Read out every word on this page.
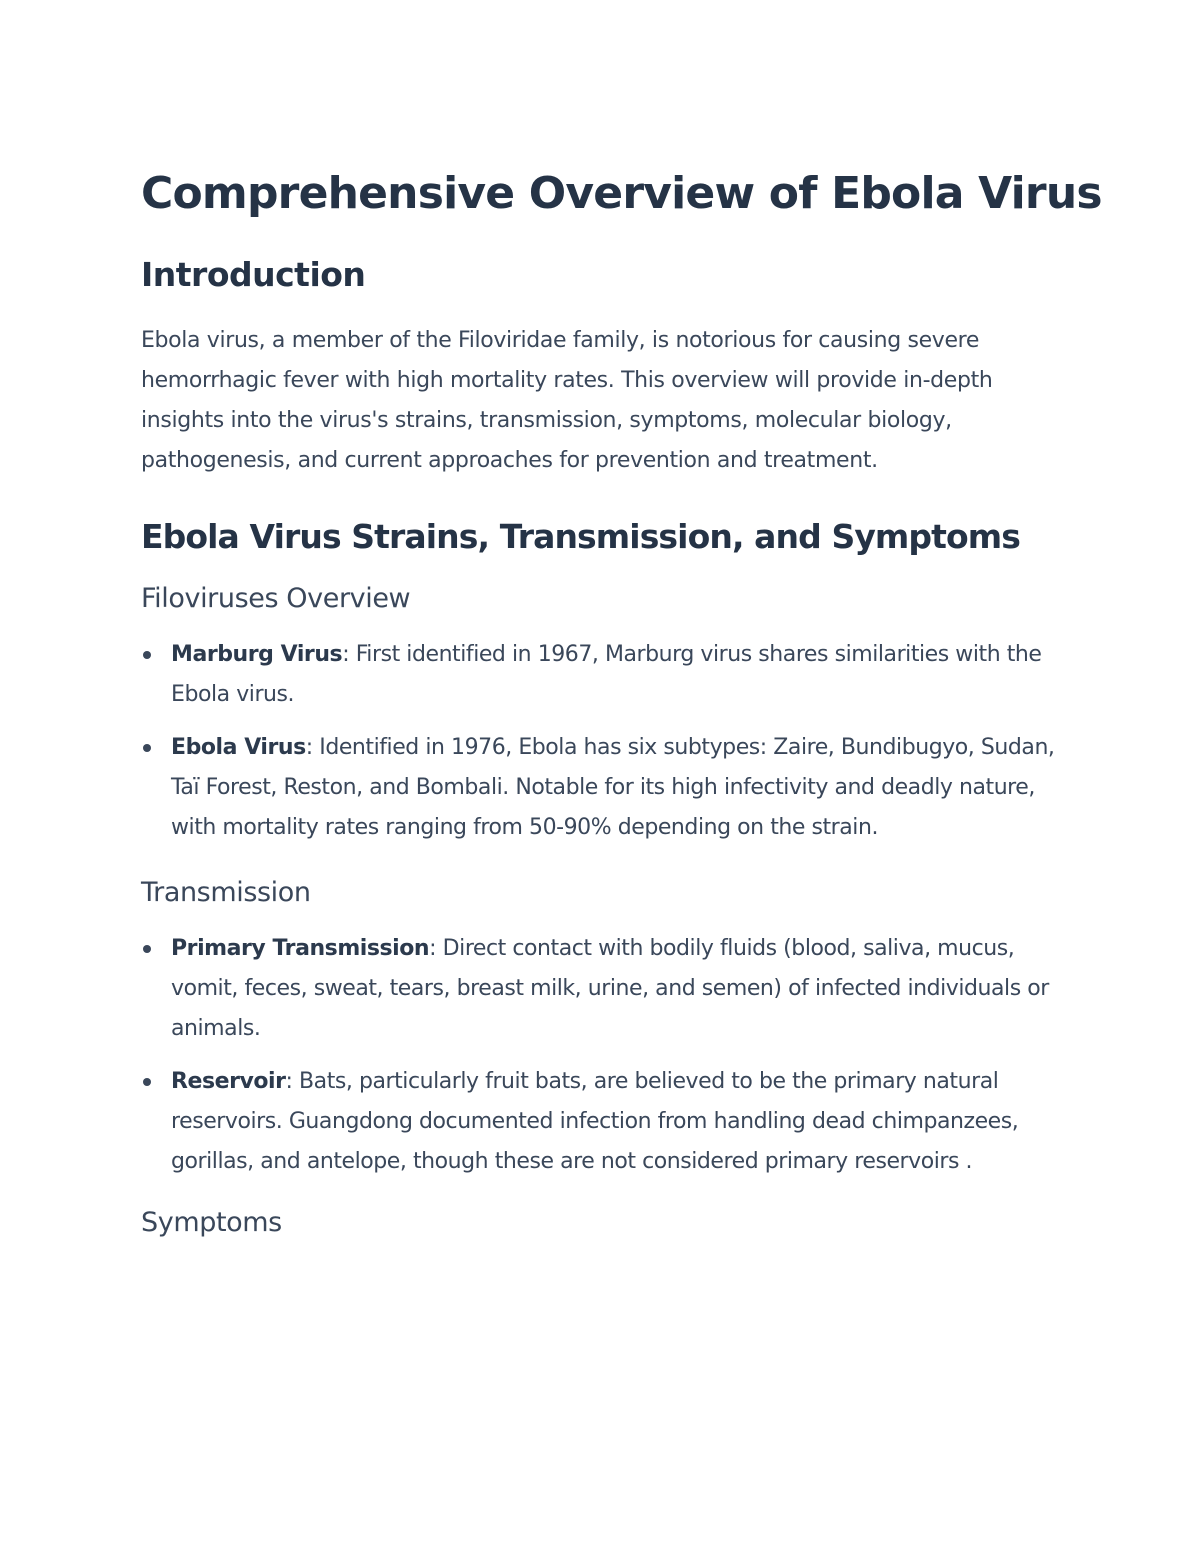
Comprehensive Overview of Ebola Virus
Introduction

Ebola virus, a member of the Filoviridae family, is notorious for causing severe hemorrhagic fever with high mortality rates. This overview will provide in-depth insights into the virus's strains, transmission, symptoms, molecular biology, pathogenesis, and current approaches for prevention and treatment.

Ebola Virus Strains, Transmission, and Symptoms
Filoviruses Overview
Marburg Virus: First identified in 1967, Marburg virus shares similarities with the Ebola virus.
Ebola Virus: Identified in 1976, Ebola has six subtypes: Zaire, Bundibugyo, Sudan, Taï Forest, Reston, and Bombali. Notable for its high infectivity and deadly nature, with mortality rates ranging from 50-90% depending on the strain.
Transmission
Primary Transmission: Direct contact with bodily fluids (blood, saliva, mucus, vomit, feces, sweat, tears, breast milk, urine, and semen) of infected individuals or animals.
Reservoir: Bats, particularly fruit bats, are believed to be the primary natural reservoirs. Guangdong documented infection from handling dead chimpanzees, gorillas, and antelope, though these are not considered primary reservoirs .
Symptoms
